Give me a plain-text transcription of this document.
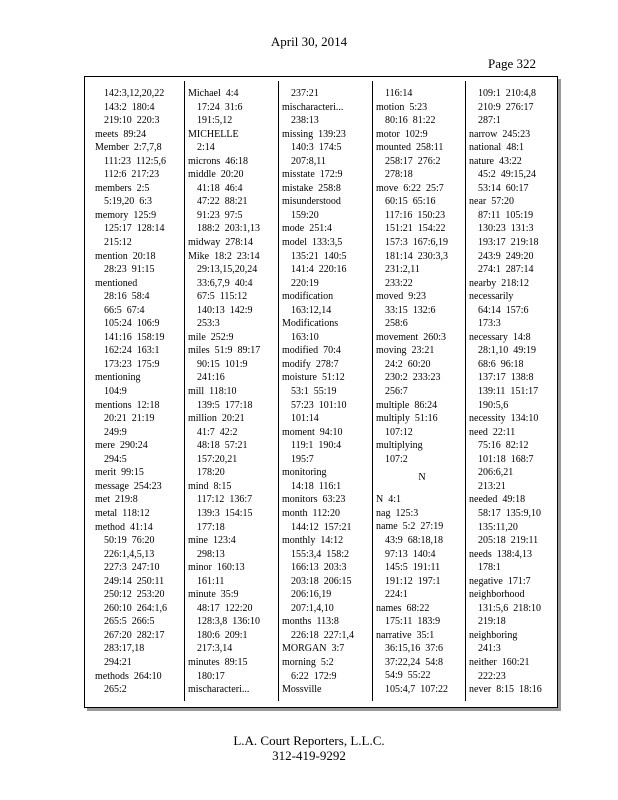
April 30, 2014
Page 322
142:3,12,20,22
143:2  180:4
219:10  220:3
meets  89:24
Member  2:7,7,8
111:23  112:5,6
112:6  217:23
members  2:5
5:19,20  6:3
memory  125:9
125:17  128:14
215:12
mention  20:18
28:23  91:15
mentioned
28:16  58:4
66:5  67:4
105:24  106:9
141:16  158:19
162:24  163:1
173:23  175:9
mentioning
104:9
mentions  12:18
20:21  21:19
249:9
mere  290:24
294:5
merit  99:15
message  254:23
met  219:8
metal  118:12
method  41:14
50:19  76:20
226:1,4,5,13
227:3  247:10
249:14  250:11
250:12  253:20
260:10  264:1,6
265:5  266:5
267:20  282:17
283:17,18
294:21
methods  264:10
265:2
Michael  4:4
17:24  31:6
191:5,12
MICHELLE
2:14
microns  46:18
middle  20:20
41:18  46:4
47:22  88:21
91:23  97:5
188:2  203:1,13
midway  278:14
Mike  18:2  23:14
29:13,15,20,24
33:6,7,9  40:4
67:5  115:12
140:13  142:9
253:3
mile  252:9
miles  51:9  89:17
90:15  101:9
241:16
mill  118:10
139:5  177:18
million  20:21
41:7  42:2
48:18  57:21
157:20,21
178:20
mind  8:15
117:12  136:7
139:3  154:15
177:18
mine  123:4
298:13
minor  160:13
161:11
minute  35:9
48:17  122:20
128:3,8  136:10
180:6  209:1
217:3,14
minutes  89:15
180:17
mischaracteri...
237:21
mischaracteri...
238:13
missing  139:23
140:3  174:5
207:8,11
misstate  172:9
mistake  258:8
misunderstood
159:20
mode  251:4
model  133:3,5
135:21  140:5
141:4  220:16
220:19
modification
163:12,14
Modifications
163:10
modified  70:4
modify  278:7
moisture  51:12
53:1  55:19
57:23  101:10
101:14
moment  94:10
119:1  190:4
195:7
monitoring
14:18  116:1
monitors  63:23
month  112:20
144:12  157:21
monthly  14:12
155:3,4  158:2
166:13  203:3
203:18  206:15
206:16,19
207:1,4,10
months  113:8
226:18  227:1,4
MORGAN  3:7
morning  5:2
6:22  172:9
Mossville
116:14
motion  5:23
80:16  81:22
motor  102:9
mounted  258:11
258:17  276:2
278:18
move  6:22  25:7
60:15  65:16
117:16  150:23
151:21  154:22
157:3  167:6,19
181:14  230:3,3
231:2,11
233:22
moved  9:23
33:15  132:6
258:6
movement  260:3
moving  23:21
24:2  60:20
230:2  233:23
256:7
multiple  86:24
multiply  51:16
107:12
multiplying
107:2
N
N  4:1
nag  125:3
name  5:2  27:19
43:9  68:18,18
97:13  140:4
145:5  191:11
191:12  197:1
224:1
names  68:22
175:11  183:9
narrative  35:1
36:15,16  37:6
37:22,24  54:8
54:9  55:22
105:4,7  107:22
109:1  210:4,8
210:9  276:17
287:1
narrow  245:23
national  48:1
nature  43:22
45:2  49:15,24
53:14  60:17
near  57:20
87:11  105:19
130:23  131:3
193:17  219:18
243:9  249:20
274:1  287:14
nearby  218:12
necessarily
64:14  157:6
173:3
necessary  14:8
28:1,10  49:19
68:6  96:18
137:17  138:8
139:11  151:17
190:5,6
necessity  134:10
need  22:11
75:16  82:12
101:18  168:7
206:6,21
213:21
needed  49:18
58:17  135:9,10
135:11,20
205:18  219:11
needs  138:4,13
178:1
negative  171:7
neighborhood
131:5,6  218:10
219:18
neighboring
241:3
neither  160:21
222:23
never  8:15  18:16
L.A. Court Reporters, L.L.C.
312-419-9292
